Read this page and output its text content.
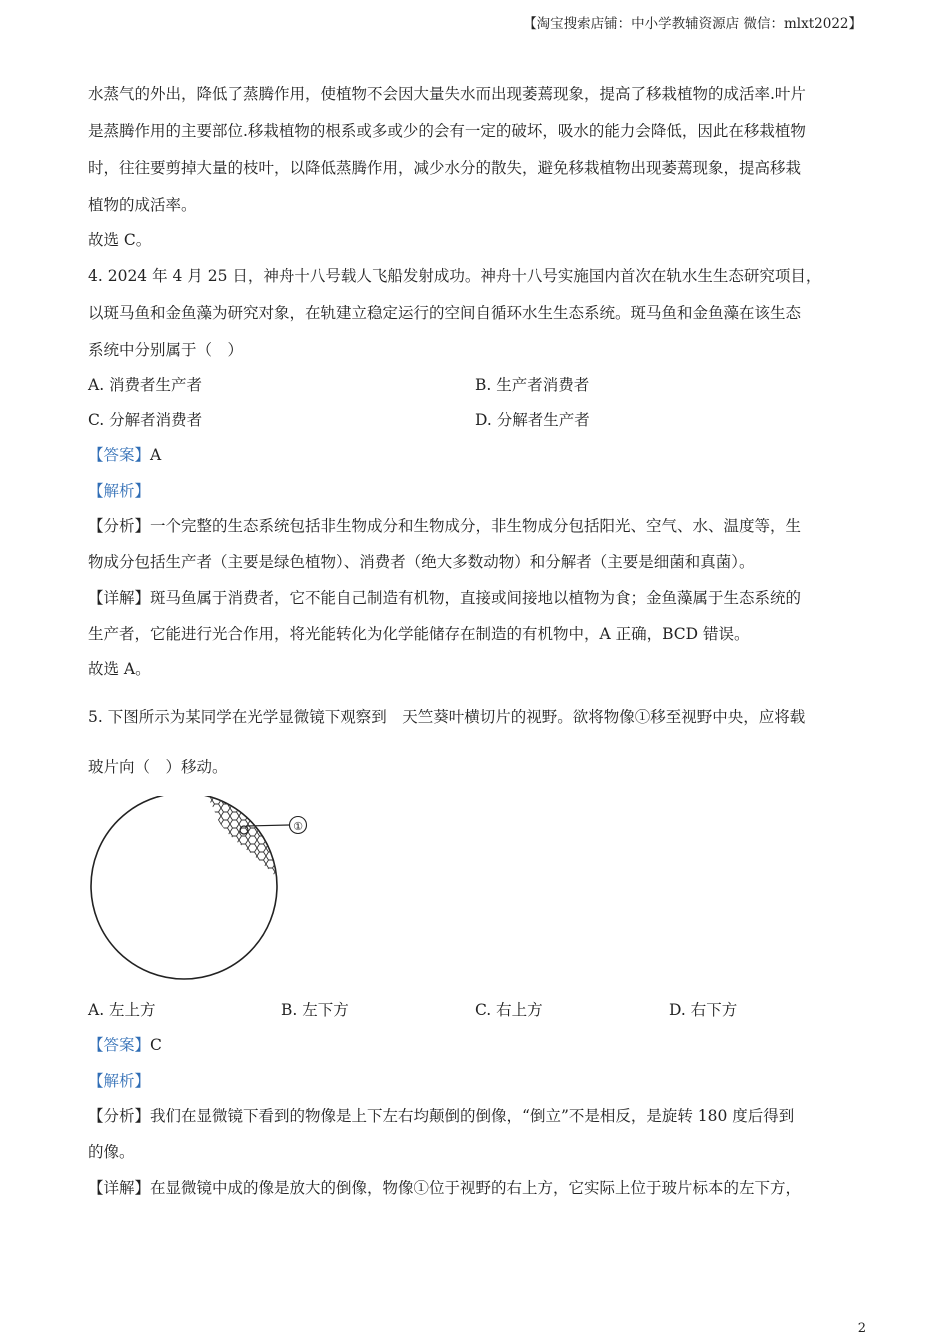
【淘宝搜索店铺：中小学教辅资源店 微信：mlxt2022】
水蒸气的外出，降低了蒸腾作用，使植物不会因大量失水而出现萎蔫现象，提高了移栽植物的成活率.叶片
是蒸腾作用的主要部位.移栽植物的根系或多或少的会有一定的破坏，吸水的能力会降低，因此在移栽植物
时，往往要剪掉大量的枝叶，以降低蒸腾作用，减少水分的散失，避免移栽植物出现萎蔫现象，提高移栽
植物的成活率。
故选 C。
4. 2024 年 4 月 25 日，神舟十八号载人飞船发射成功。神舟十八号实施国内首次在轨水生生态研究项目，
以斑马鱼和金鱼藻为研究对象，在轨建立稳定运行的空间自循环水生生态系统。斑马鱼和金鱼藻在该生态
系统中分别属于（　）
A. 消费者生产者	B. 生产者消费者
C. 分解者消费者	D. 分解者生产者
【答案】A
【解析】
【分析】一个完整的生态系统包括非生物成分和生物成分，非生物成分包括阳光、空气、水、温度等，生
物成分包括生产者（主要是绿色植物）、消费者（绝大多数动物）和分解者（主要是细菌和真菌）。
【详解】斑马鱼属于消费者，它不能自己制造有机物，直接或间接地以植物为食；金鱼藻属于生态系统的
生产者，它能进行光合作用，将光能转化为化学能储存在制造的有机物中，A 正确，BCD 错误。
故选 A。
5. 下图所示为某同学在光学显微镜下观察到　天竺葵叶横切片的视野。欲将物像①移至视野中央，应将载
玻片向（　）移动。
①
A. 左上方	B. 左下方	C. 右上方	D. 右下方
【答案】C
【解析】
【分析】我们在显微镜下看到的物像是上下左右均颠倒的倒像，“倒立”不是相反，是旋转 180 度后得到
的像。
【详解】在显微镜中成的像是放大的倒像，物像①位于视野的右上方，它实际上位于玻片标本的左下方，
2
